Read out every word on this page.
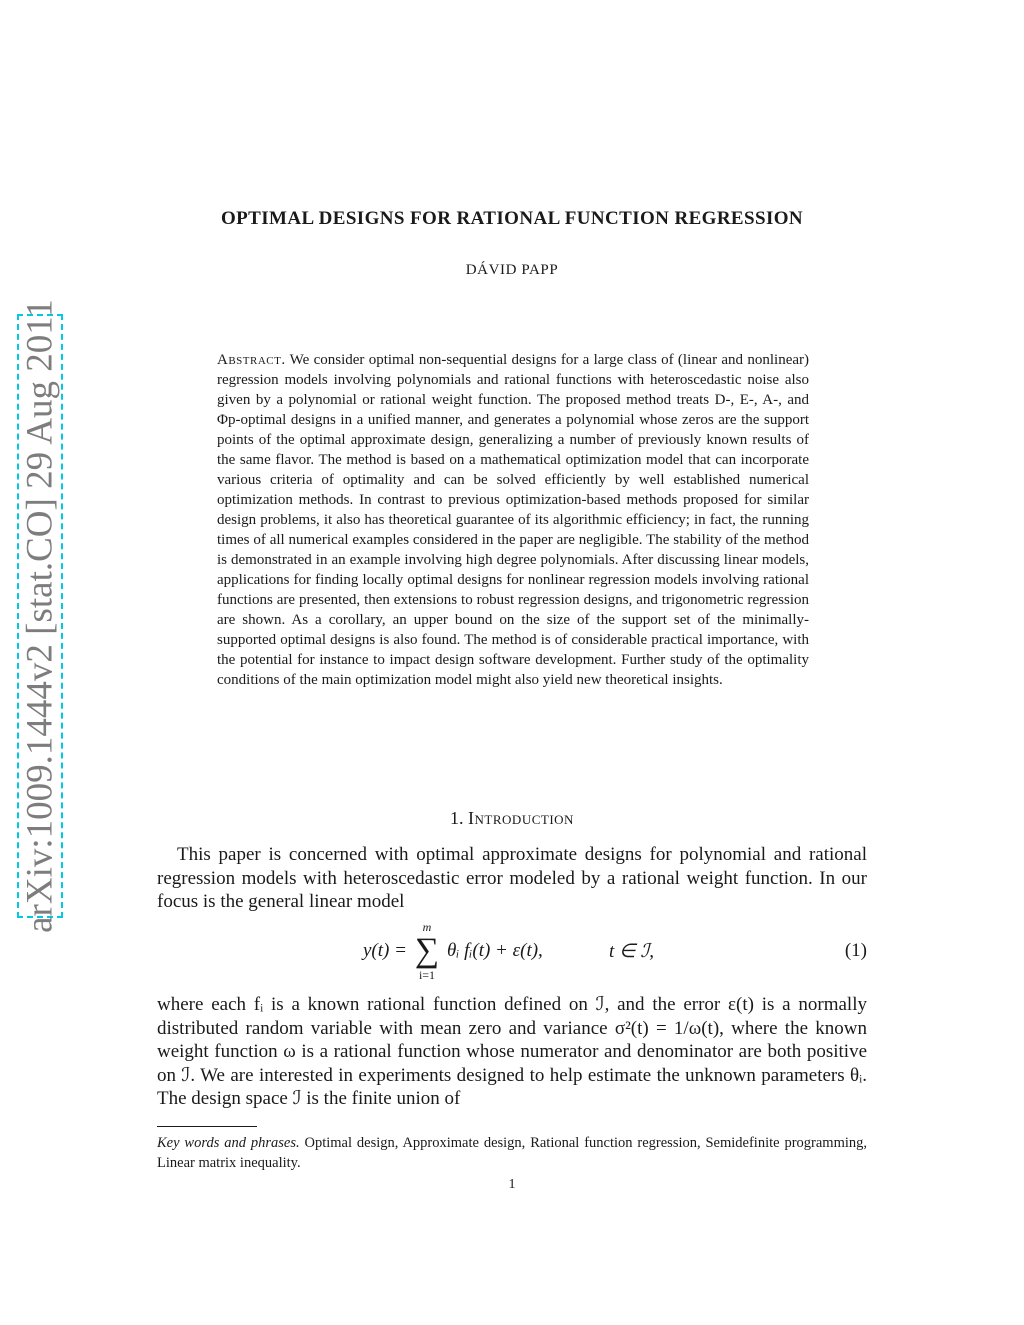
arXiv:1009.1444v2 [stat.CO] 29 Aug 2011
OPTIMAL DESIGNS FOR RATIONAL FUNCTION REGRESSION
DÁVID PAPP

Abstract. We consider optimal non-sequential designs for a large class of (linear and nonlinear) regression models involving polynomials and rational functions with heteroscedastic noise also given by a polynomial or rational weight function. The proposed method treats D-, E-, A-, and Φp-optimal designs in a unified manner, and generates a polynomial whose zeros are the support points of the optimal approximate design, generalizing a number of previously known results of the same flavor. The method is based on a mathematical optimization model that can incorporate various criteria of optimality and can be solved efficiently by well established numerical optimization methods. In contrast to previous optimization-based methods proposed for similar design problems, it also has theoretical guarantee of its algorithmic efficiency; in fact, the running times of all numerical examples considered in the paper are negligible. The stability of the method is demonstrated in an example involving high degree polynomials. After discussing linear models, applications for finding locally optimal designs for nonlinear regression models involving rational functions are presented, then extensions to robust regression designs, and trigonometric regression are shown. As a corollary, an upper bound on the size of the support set of the minimally-supported optimal designs is also found. The method is of considerable practical importance, with the potential for instance to impact design software development. Further study of the optimality conditions of the main optimization model might also yield new theoretical insights.

1. Introduction

This paper is concerned with optimal approximate designs for polynomial and rational regression models with heteroscedastic error modeled by a rational weight function. In our focus is the general linear model

y(t) =
m
∑
i=1
θᵢ fᵢ(t) + ε(t),	t ∈ ℐ,	(1)

where each fᵢ is a known rational function defined on ℐ, and the error ε(t) is a normally distributed random variable with mean zero and variance σ²(t) = 1/ω(t), where the known weight function ω is a rational function whose numerator and denominator are both positive on ℐ. We are interested in experiments designed to help estimate the unknown parameters θᵢ. The design space ℐ is the finite union of

Key words and phrases. Optimal design, Approximate design, Rational function regression, Semidefinite programming, Linear matrix inequality.

1
